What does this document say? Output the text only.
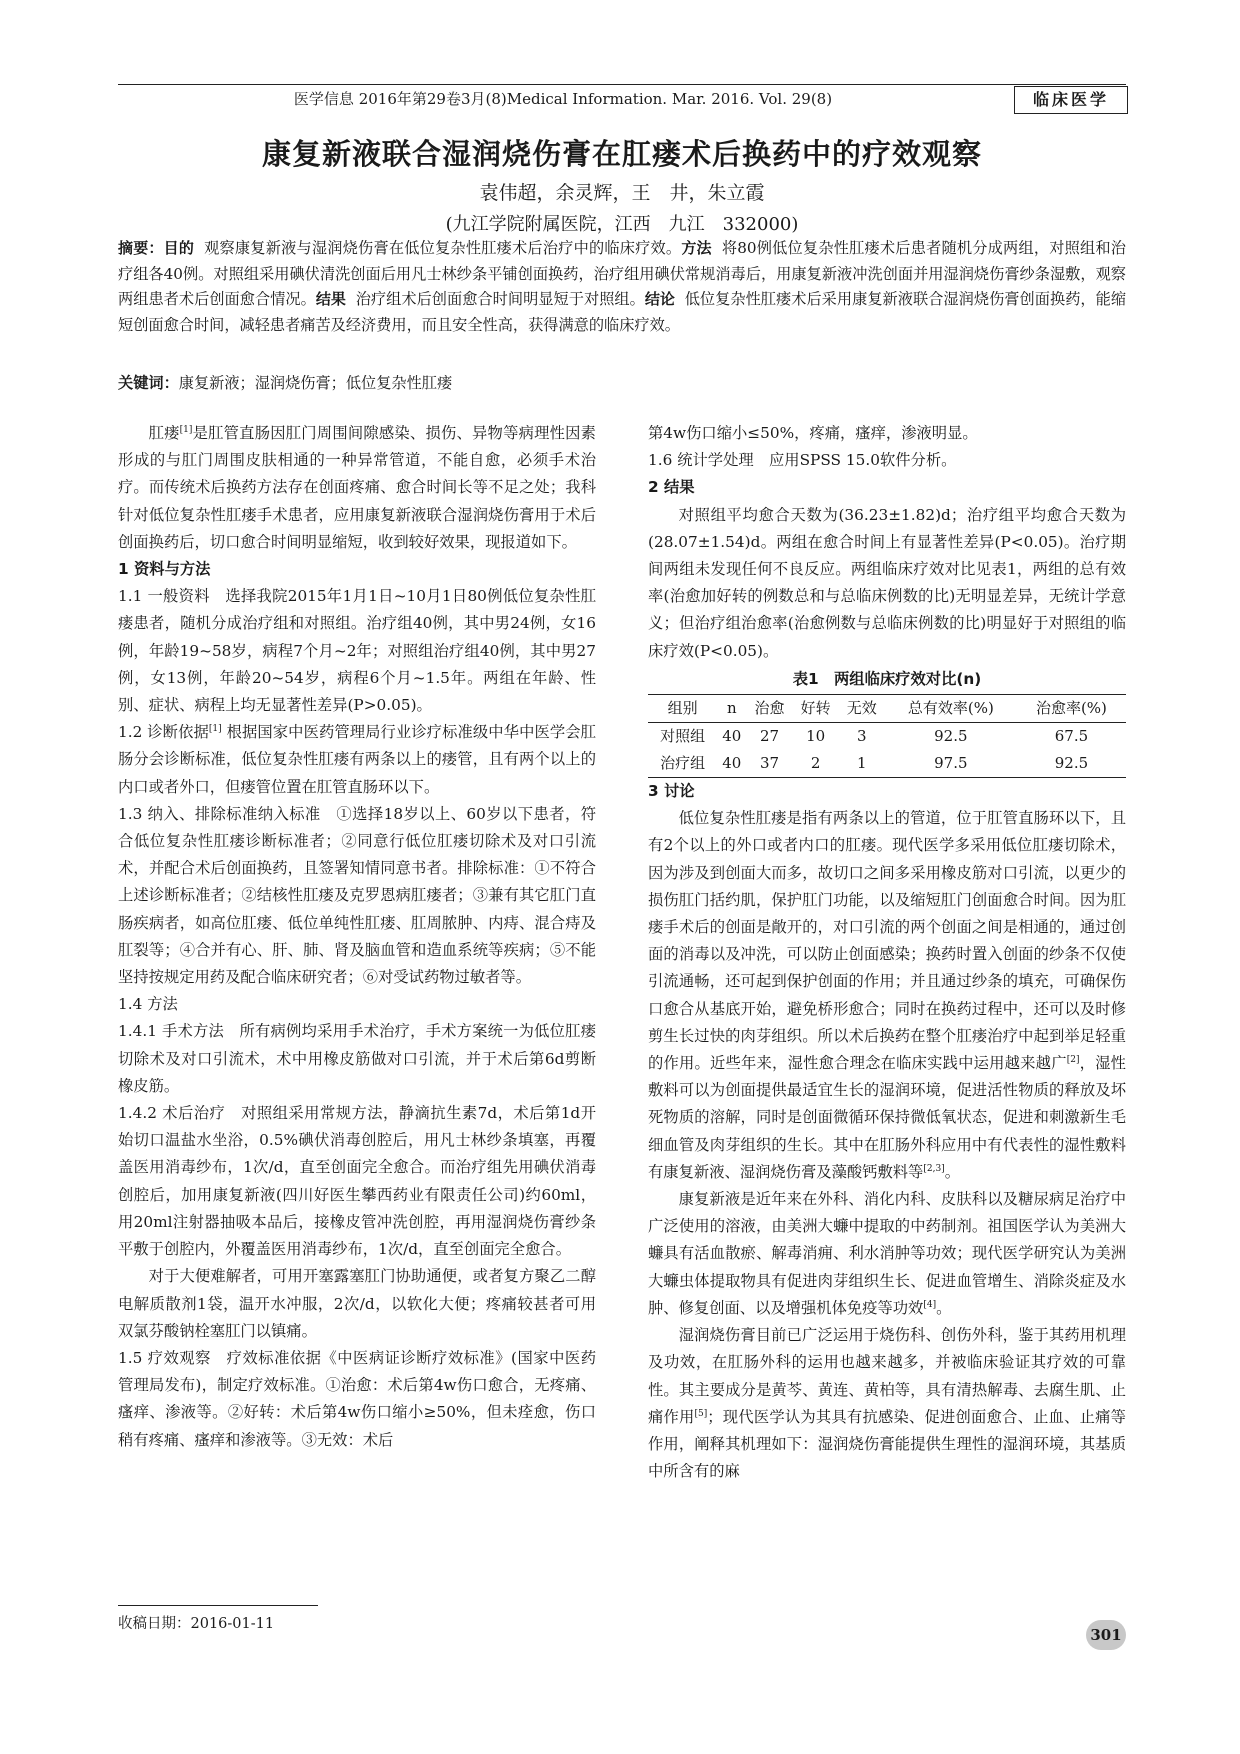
医学信息 2016年第29卷3月(8)Medical Information. Mar. 2016. Vol. 29(8)	临床医学
康复新液联合湿润烧伤膏在肛瘘术后换药中的疗效观察
袁伟超，余灵辉，王　井，朱立霞
(九江学院附属医院，江西　九江　332000)
摘要：目的 观察康复新液与湿润烧伤膏在低位复杂性肛瘘术后治疗中的临床疗效。方法 将80例低位复杂性肛瘘术后患者随机分成两组，对照组和治疗组各40例。对照组采用碘伏清洗创面后用凡士林纱条平铺创面换药，治疗组用碘伏常规消毒后，用康复新液冲洗创面并用湿润烧伤膏纱条湿敷，观察两组患者术后创面愈合情况。结果 治疗组术后创面愈合时间明显短于对照组。结论 低位复杂性肛瘘术后采用康复新液联合湿润烧伤膏创面换药，能缩短创面愈合时间，减轻患者痛苦及经济费用，而且安全性高，获得满意的临床疗效。
关键词：康复新液；湿润烧伤膏；低位复杂性肛瘘

肛瘘[1]是肛管直肠因肛门周围间隙感染、损伤、异物等病理性因素形成的与肛门周围皮肤相通的一种异常管道，不能自愈，必须手术治疗。而传统术后换药方法存在创面疼痛、愈合时间长等不足之处；我科针对低位复杂性肛瘘手术患者，应用康复新液联合湿润烧伤膏用于术后创面换药后，切口愈合时间明显缩短，收到较好效果，现报道如下。

1 资料与方法

1.1 一般资料　选择我院2015年1月1日~10月1日80例低位复杂性肛瘘患者，随机分成治疗组和对照组。治疗组40例，其中男24例，女16例，年龄19~58岁，病程7个月~2年；对照组治疗组40例，其中男27例，女13例，年龄20~54岁，病程6个月~1.5年。两组在年龄、性别、症状、病程上均无显著性差异(P>0.05)。

1.2 诊断依据[1] 根据国家中医药管理局行业诊疗标准级中华中医学会肛肠分会诊断标准，低位复杂性肛瘘有两条以上的瘘管，且有两个以上的内口或者外口，但瘘管位置在肛管直肠环以下。

1.3 纳入、排除标准纳入标准　①选择18岁以上、60岁以下患者，符合低位复杂性肛瘘诊断标准者；②同意行低位肛瘘切除术及对口引流术，并配合术后创面换药，且签署知情同意书者。排除标准：①不符合上述诊断标准者；②结核性肛瘘及克罗恩病肛瘘者；③兼有其它肛门直肠疾病者，如高位肛瘘、低位单纯性肛瘘、肛周脓肿、内痔、混合痔及肛裂等；④合并有心、肝、肺、肾及脑血管和造血系统等疾病；⑤不能坚持按规定用药及配合临床研究者；⑥对受试药物过敏者等。

1.4 方法

1.4.1 手术方法　所有病例均采用手术治疗，手术方案统一为低位肛瘘切除术及对口引流术，术中用橡皮筋做对口引流，并于术后第6d剪断橡皮筋。

1.4.2 术后治疗　对照组采用常规方法，静滴抗生素7d，术后第1d开始切口温盐水坐浴，0.5%碘伏消毒创腔后，用凡士林纱条填塞，再覆盖医用消毒纱布，1次/d，直至创面完全愈合。而治疗组先用碘伏消毒创腔后，加用康复新液(四川好医生攀西药业有限责任公司)约60ml，用20ml注射器抽吸本品后，接橡皮管冲洗创腔，再用湿润烧伤膏纱条平敷于创腔内，外覆盖医用消毒纱布，1次/d，直至创面完全愈合。

对于大便难解者，可用开塞露塞肛门协助通便，或者复方聚乙二醇电解质散剂1袋，温开水冲服，2次/d，以软化大便；疼痛较甚者可用双氯芬酸钠栓塞肛门以镇痛。

1.5 疗效观察　疗效标准依据《中医病证诊断疗效标准》(国家中医药管理局发布)，制定疗效标准。①治愈：术后第4w伤口愈合，无疼痛、瘙痒、渗液等。②好转：术后第4w伤口缩小≥50%，但未痊愈，伤口稍有疼痛、瘙痒和渗液等。③无效：术后

第4w伤口缩小≤50%，疼痛，瘙痒，渗液明显。

1.6 统计学处理　应用SPSS 15.0软件分析。

2 结果

对照组平均愈合天数为(36.23±1.82)d；治疗组平均愈合天数为(28.07±1.54)d。两组在愈合时间上有显著性差异(P<0.05)。治疗期间两组未发现任何不良反应。两组临床疗效对比见表1，两组的总有效率(治愈加好转的例数总和与总临床例数的比)无明显差异，无统计学意义；但治疗组治愈率(治愈例数与总临床例数的比)明显好于对照组的临床疗效(P<0.05)。

表1　两组临床疗效对比(n)
组别	n	治愈	好转	无效	总有效率(%)	治愈率(%)
对照组	40	27	10	3	92.5	67.5
治疗组	40	37	2	1	97.5	92.5

3 讨论

低位复杂性肛瘘是指有两条以上的管道，位于肛管直肠环以下，且有2个以上的外口或者内口的肛瘘。现代医学多采用低位肛瘘切除术，因为涉及到创面大而多，故切口之间多采用橡皮筋对口引流，以更少的损伤肛门括约肌，保护肛门功能，以及缩短肛门创面愈合时间。因为肛瘘手术后的创面是敞开的，对口引流的两个创面之间是相通的，通过创面的消毒以及冲洗，可以防止创面感染；换药时置入创面的纱条不仅使引流通畅，还可起到保护创面的作用；并且通过纱条的填充，可确保伤口愈合从基底开始，避免桥形愈合；同时在换药过程中，还可以及时修剪生长过快的肉芽组织。所以术后换药在整个肛瘘治疗中起到举足轻重的作用。近些年来，湿性愈合理念在临床实践中运用越来越广[2]，湿性敷料可以为创面提供最适宜生长的湿润环境，促进活性物质的释放及坏死物质的溶解，同时是创面微循环保持微低氧状态，促进和刺激新生毛细血管及肉芽组织的生长。其中在肛肠外科应用中有代表性的湿性敷料有康复新液、湿润烧伤膏及藻酸钙敷料等[2,3]。

康复新液是近年来在外科、消化内科、皮肤科以及糖尿病足治疗中广泛使用的溶液，由美洲大蠊中提取的中药制剂。祖国医学认为美洲大蠊具有活血散瘀、解毒消痈、利水消肿等功效；现代医学研究认为美洲大蠊虫体提取物具有促进肉芽组织生长、促进血管增生、消除炎症及水肿、修复创面、以及增强机体免疫等功效[4]。

湿润烧伤膏目前已广泛运用于烧伤科、创伤外科，鉴于其药用机理及功效，在肛肠外科的运用也越来越多，并被临床验证其疗效的可靠性。其主要成分是黄芩、黄连、黄柏等，具有清热解毒、去腐生肌、止痛作用[5]；现代医学认为其具有抗感染、促进创面愈合、止血、止痛等作用，阐释其机理如下：湿润烧伤膏能提供生理性的湿润环境，其基质中所含有的麻

收稿日期：2016-01-11
301
